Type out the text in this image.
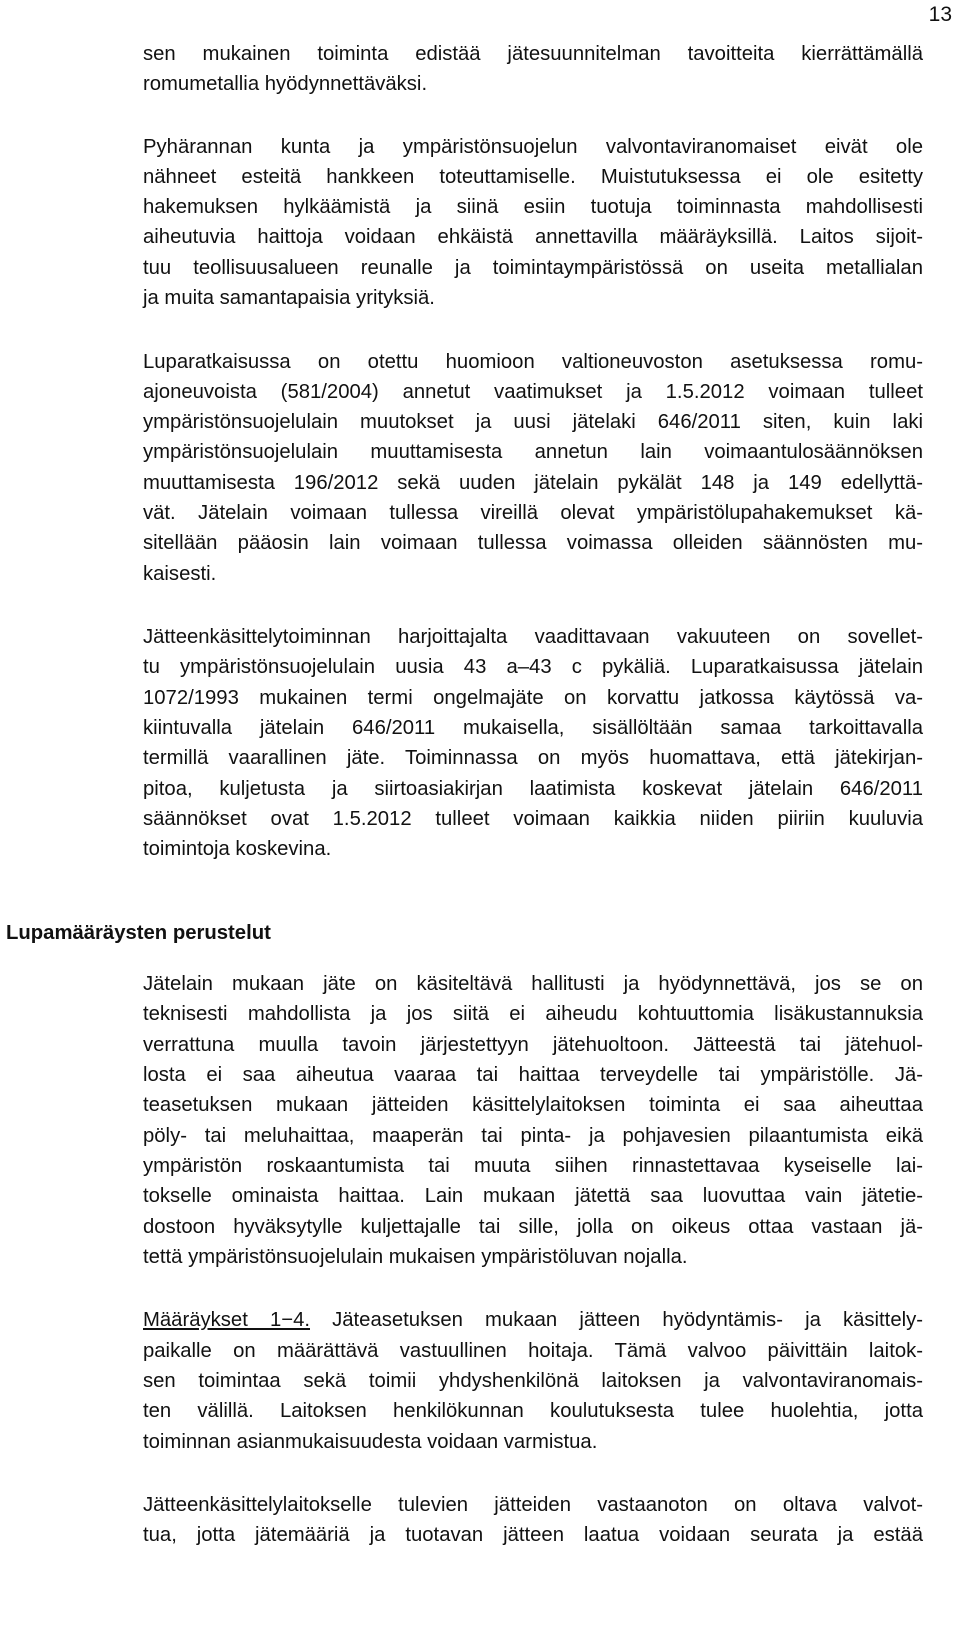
13
Lupamääräysten perustelut
sen mukainen toiminta edistää jätesuunnitelman tavoitteita kierrättämällä
romumetallia hyödynnettäväksi.
Pyhärannan kunta ja ympäristönsuojelun valvontaviranomaiset eivät ole
nähneet esteitä hankkeen toteuttamiselle. Muistutuksessa ei ole esitetty
hakemuksen hylkäämistä ja siinä esiin tuotuja toiminnasta mahdollisesti
aiheutuvia haittoja voidaan ehkäistä annettavilla määräyksillä. Laitos sijoit-
tuu teollisuusalueen reunalle ja toimintaympäristössä on useita metallialan
ja muita samantapaisia yrityksiä.
Luparatkaisussa on otettu huomioon valtioneuvoston asetuksessa romu-
ajoneuvoista (581/2004) annetut vaatimukset ja 1.5.2012 voimaan tulleet
ympäristönsuojelulain muutokset ja uusi jätelaki 646/2011 siten, kuin laki
ympäristönsuojelulain muuttamisesta annetun lain voimaantulosäännöksen
muuttamisesta 196/2012 sekä uuden jätelain pykälät 148 ja 149 edellyttä-
vät. Jätelain voimaan tullessa vireillä olevat ympäristölupahakemukset kä-
sitellään pääosin lain voimaan tullessa voimassa olleiden säännösten mu-
kaisesti.
Jätteenkäsittelytoiminnan harjoittajalta vaadittavaan vakuuteen on sovellet-
tu ympäristönsuojelulain uusia 43 a–43 c pykäliä. Luparatkaisussa jätelain
1072/1993 mukainen termi ongelmajäte on korvattu jatkossa käytössä va-
kiintuvalla jätelain 646/2011 mukaisella, sisällöltään samaa tarkoittavalla
termillä vaarallinen jäte. Toiminnassa on myös huomattava, että jätekirjan-
pitoa, kuljetusta ja siirtoasiakirjan laatimista koskevat jätelain 646/2011
säännökset ovat 1.5.2012 tulleet voimaan kaikkia niiden piiriin kuuluvia
toimintoja koskevina.
Jätelain mukaan jäte on käsiteltävä hallitusti ja hyödynnettävä, jos se on
teknisesti mahdollista ja jos siitä ei aiheudu kohtuuttomia lisäkustannuksia
verrattuna muulla tavoin järjestettyyn jätehuoltoon. Jätteestä tai jätehuol-
losta ei saa aiheutua vaaraa tai haittaa terveydelle tai ympäristölle. Jä-
teasetuksen mukaan jätteiden käsittelylaitoksen toiminta ei saa aiheuttaa
pöly- tai meluhaittaa, maaperän tai pinta- ja pohjavesien pilaantumista eikä
ympäristön roskaantumista tai muuta siihen rinnastettavaa kyseiselle lai-
tokselle ominaista haittaa. Lain mukaan jätettä saa luovuttaa vain jätetie-
dostoon hyväksytylle kuljettajalle tai sille, jolla on oikeus ottaa vastaan jä-
tettä ympäristönsuojelulain mukaisen ympäristöluvan nojalla.
Määräykset 1−4. Jäteasetuksen mukaan jätteen hyödyntämis- ja käsittely-
paikalle on määrättävä vastuullinen hoitaja. Tämä valvoo päivittäin laitok-
sen toimintaa sekä toimii yhdyshenkilönä laitoksen ja valvontaviranomais-
ten välillä. Laitoksen henkilökunnan koulutuksesta tulee huolehtia, jotta
toiminnan asianmukaisuudesta voidaan varmistua.
Jätteenkäsittelylaitokselle tulevien jätteiden vastaanoton on oltava valvot-
tua, jotta jätemääriä ja tuotavan jätteen laatua voidaan seurata ja estää
